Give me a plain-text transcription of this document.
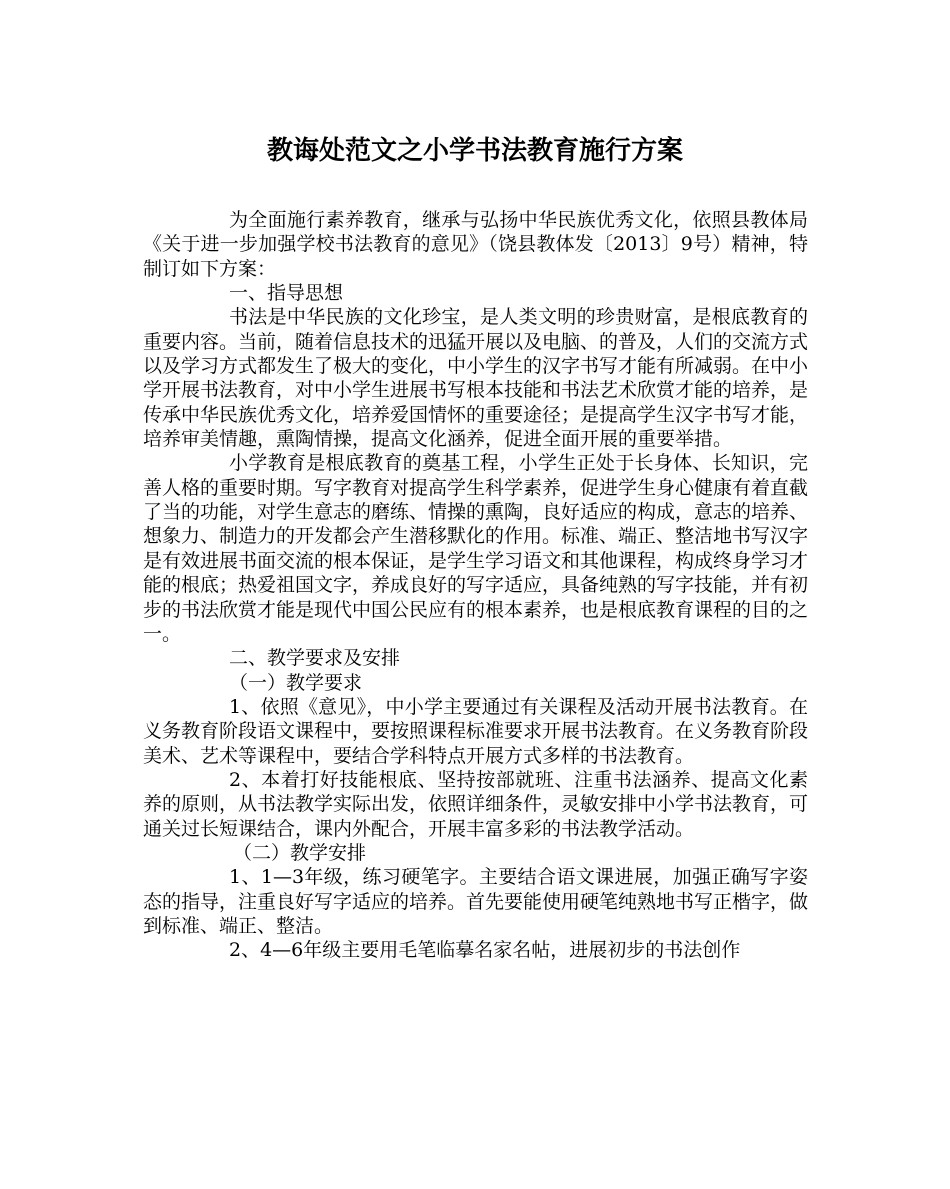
教诲处范文之小学书法教育施行方案

为全面施行素养教育，继承与弘扬中华民族优秀文化，依照县教体局《关于进一步加强学校书法教育的意见》（饶县教体发〔2013〕9号）精神，特制订如下方案：

一、指导思想

书法是中华民族的文化珍宝，是人类文明的珍贵财富，是根底教育的重要内容。当前，随着信息技术的迅猛开展以及电脑、的普及，人们的交流方式以及学习方式都发生了极大的变化，中小学生的汉字书写才能有所减弱。在中小学开展书法教育，对中小学生进展书写根本技能和书法艺术欣赏才能的培养，是传承中华民族优秀文化，培养爱国情怀的重要途径；是提高学生汉字书写才能，培养审美情趣，熏陶情操，提高文化涵养，促进全面开展的重要举措。

小学教育是根底教育的奠基工程，小学生正处于长身体、长知识，完善人格的重要时期。写字教育对提高学生科学素养，促进学生身心健康有着直截了当的功能，对学生意志的磨练、情操的熏陶，良好适应的构成，意志的培养、想象力、制造力的开发都会产生潜移默化的作用。标准、端正、整洁地书写汉字是有效进展书面交流的根本保证，是学生学习语文和其他课程，构成终身学习才能的根底；热爱祖国文字，养成良好的写字适应，具备纯熟的写字技能，并有初步的书法欣赏才能是现代中国公民应有的根本素养，也是根底教育课程的目的之一。

二、教学要求及安排

（一）教学要求

1、依照《意见》，中小学主要通过有关课程及活动开展书法教育。在义务教育阶段语文课程中，要按照课程标准要求开展书法教育。在义务教育阶段美术、艺术等课程中，要结合学科特点开展方式多样的书法教育。

2、本着打好技能根底、坚持按部就班、注重书法涵养、提高文化素养的原则，从书法教学实际出发，依照详细条件，灵敏安排中小学书法教育，可通关过长短课结合，课内外配合，开展丰富多彩的书法教学活动。

（二）教学安排

1、1—3年级，练习硬笔字。主要结合语文课进展，加强正确写字姿态的指导，注重良好写字适应的培养。首先要能使用硬笔纯熟地书写正楷字，做到标准、端正、整洁。

2、4—6年级主要用毛笔临摹名家名帖，进展初步的书法创作
